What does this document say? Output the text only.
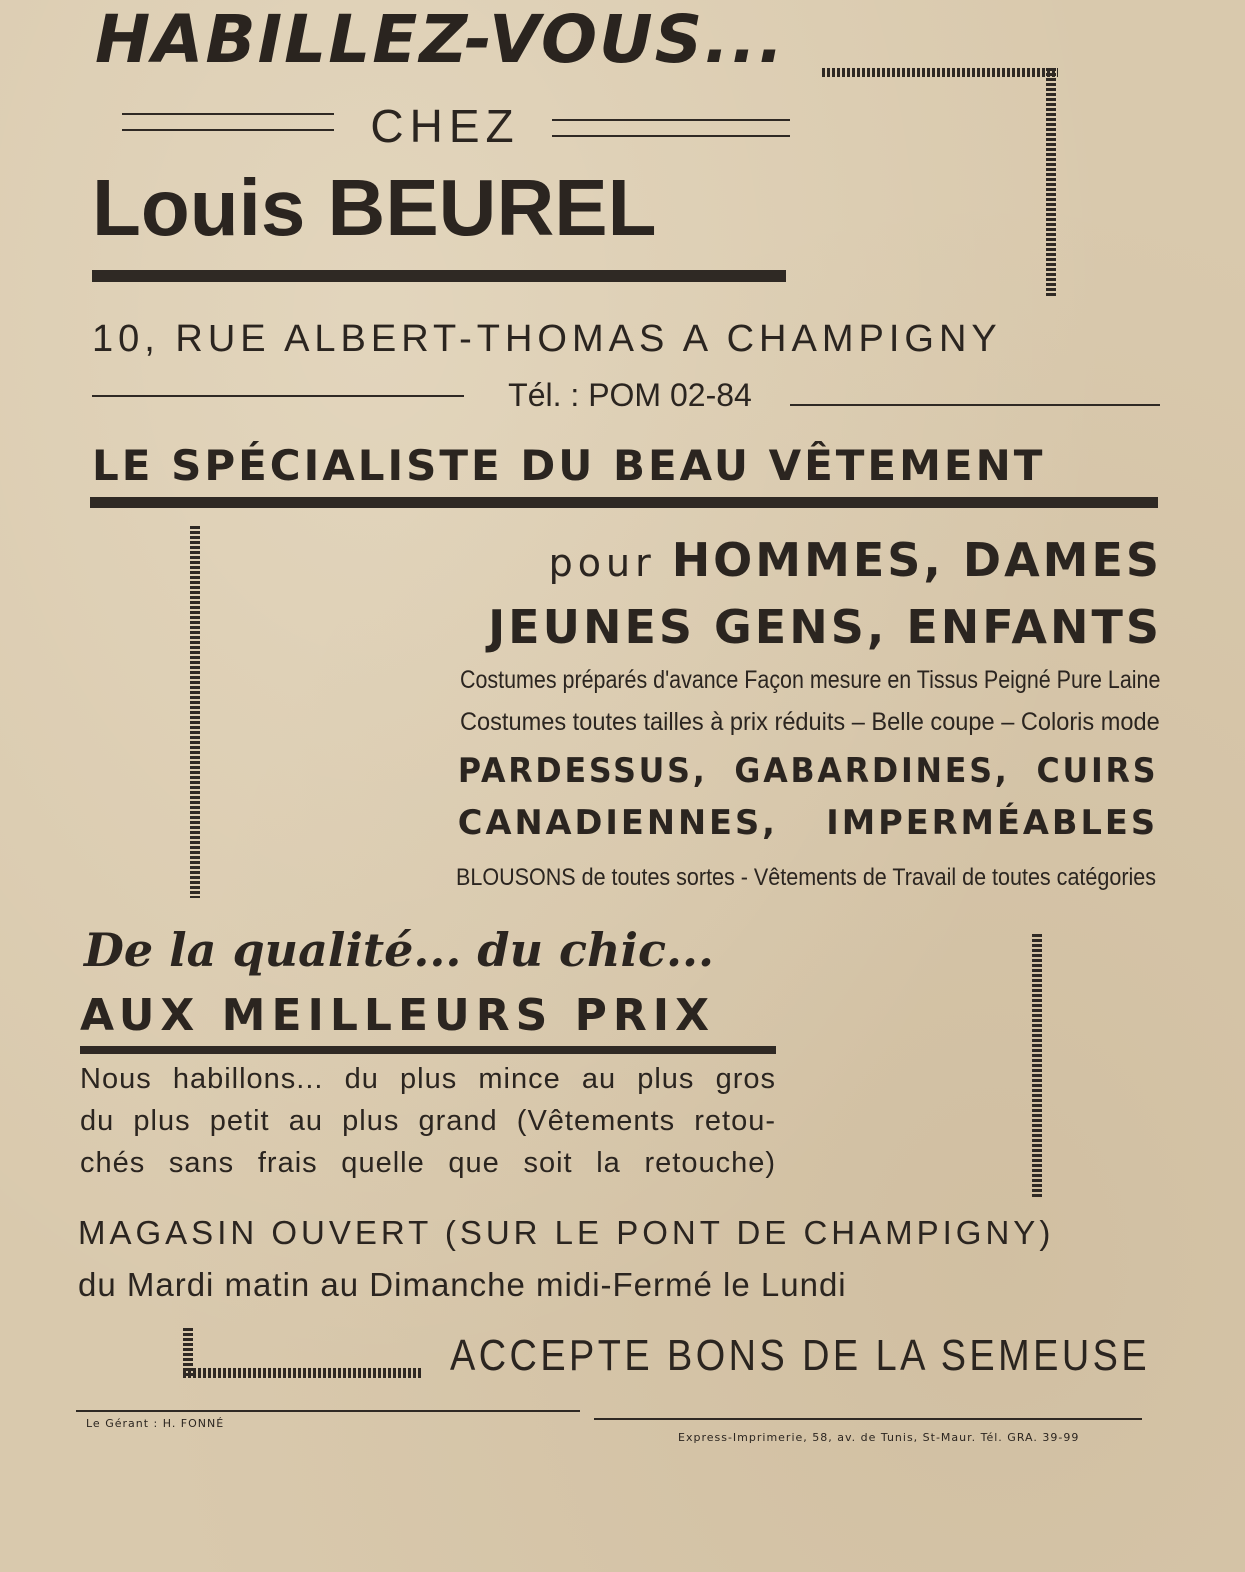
HABILLEZ-VOUS...
CHEZ
Louis BEUREL
10, RUE ALBERT-THOMAS A CHAMPIGNY
Tél. : POM 02-84
LE SPÉCIALISTE DU BEAU VÊTEMENT
pour HOMMES, DAMES
JEUNES GENS, ENFANTS
Costumes préparés d'avance Façon mesure en Tissus Peigné Pure Laine
Costumes toutes tailles à prix réduits – Belle coupe – Coloris mode
PARDESSUS, GABARDINES, CUIRS
CANADIENNES, IMPERMÉABLES
BLOUSONS de toutes sortes - Vêtements de Travail de toutes catégories
De la qualité... du chic...
AUX MEILLEURS PRIX
Nous habillons... du plus mince au plus gros
du plus petit au plus grand (Vêtements retou-
chés sans frais quelle que soit la retouche)
MAGASIN OUVERT (SUR LE PONT DE CHAMPIGNY)
du Mardi matin au Dimanche midi-Fermé le Lundi
ACCEPTE BONS DE LA SEMEUSE
Le Gérant : H. FONNÉ
Express-Imprimerie, 58, av. de Tunis, St-Maur. Tél. GRA. 39-99
